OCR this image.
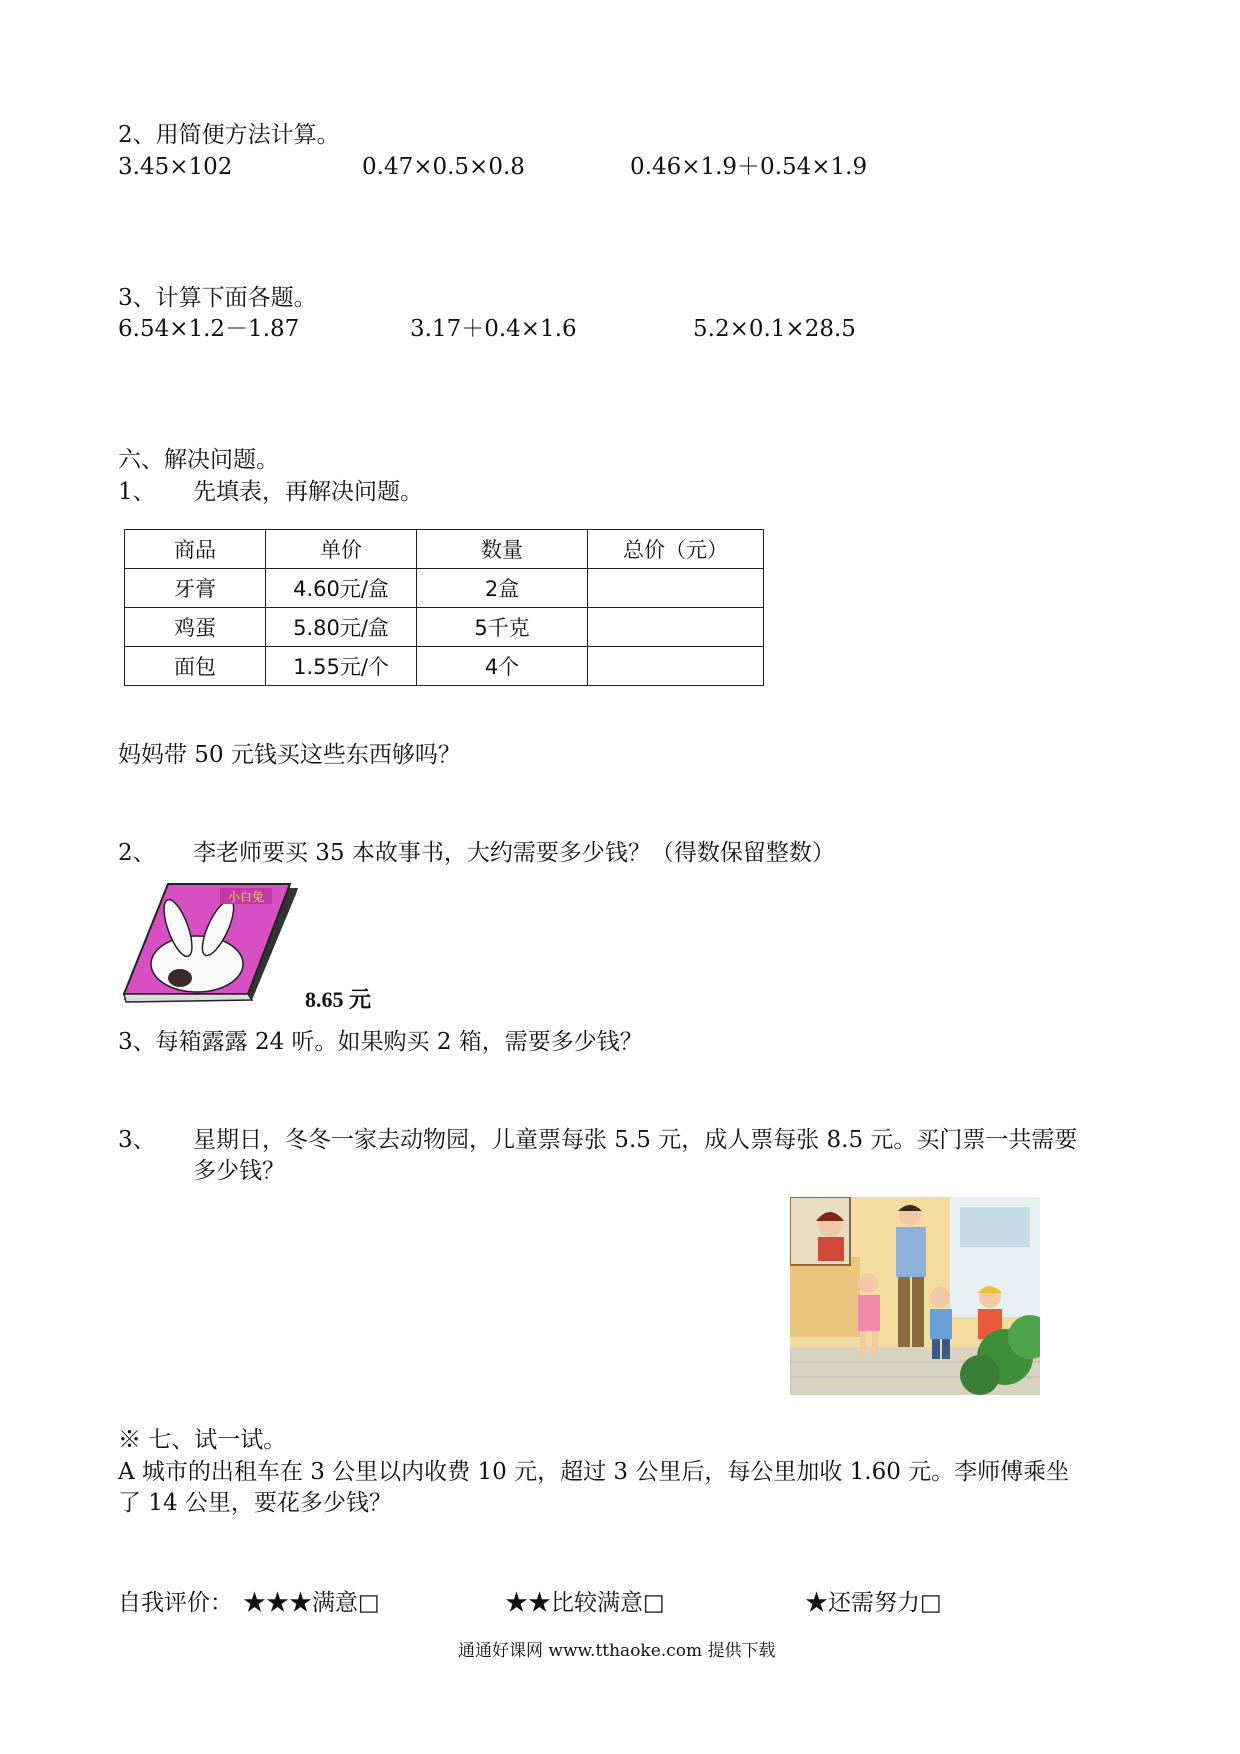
2、用简便方法计算。
3.45×102	0.47×0.5×0.8	0.46×1.9＋0.54×1.9
3、计算下面各题。
6.54×1.2－1.87	3.17＋0.4×1.6	5.2×0.1×28.5
六、解决问题。
1、 先填表，再解决问题。
商品	单价	数量	总价（元）
牙膏	4.60元/盒	2盒	
鸡蛋	5.80元/盒	5千克	
面包	1.55元/个	4个	
妈妈带 50 元钱买这些东西够吗？
2、 李老师要买 35 本故事书，大约需要多少钱？（得数保留整数）
小白兔
8.65 元
3、每箱露露 24 听。如果购买 2 箱，需要多少钱？
3、 星期日，冬冬一家去动物园，儿童票每张 5.5 元，成人票每张 8.5 元。买门票一共需要
多少钱？
※ 七、试一试。
A 城市的出租车在 3 公里以内收费 10 元，超过 3 公里后，每公里加收 1.60 元。李师傅乘坐
了 14 公里，要花多少钱？
自我评价： ★★★满意□	★★比较满意□	★还需努力□
通通好课网 www.tthaoke.com 提供下载
